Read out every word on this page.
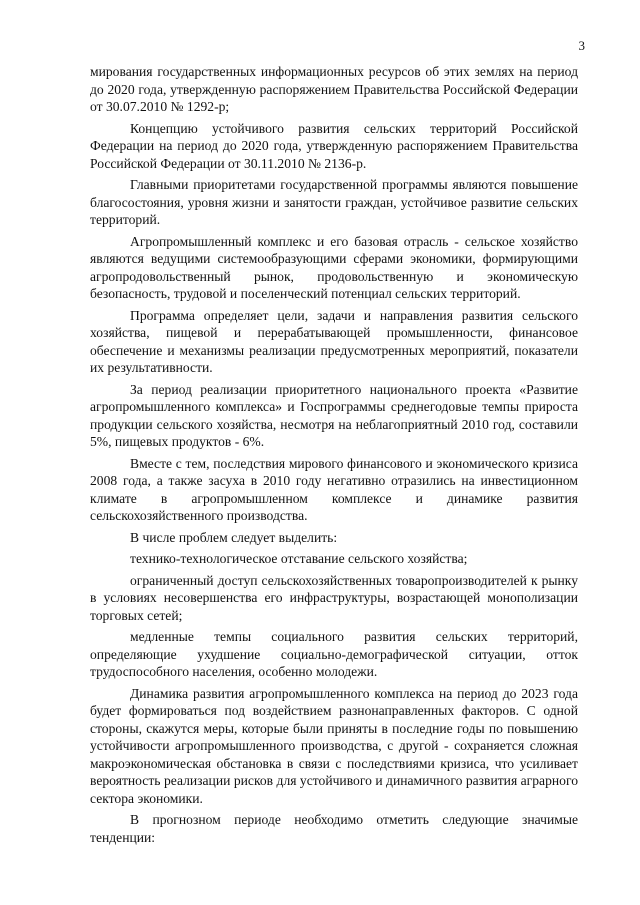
3

мирования государственных информационных ресурсов об этих землях на период до 2020 года, утвержденную распоряжением Правительства Российской Федерации от 30.07.2010 № 1292-р;

Концепцию устойчивого развития сельских территорий Российской Федерации на период до 2020 года, утвержденную распоряжением Правительства Российской Федерации от 30.11.2010 № 2136-р.

Главными приоритетами государственной программы являются повышение благосостояния, уровня жизни и занятости граждан, устойчивое развитие сельских территорий.

Агропромышленный комплекс и его базовая отрасль - сельское хозяйство являются ведущими системообразующими сферами экономики, формирующими агропродовольственный рынок, продовольственную и экономическую безопасность, трудовой и поселенческий потенциал сельских территорий.

Программа определяет цели, задачи и направления развития сельского хозяйства, пищевой и перерабатывающей промышленности, финансовое обеспечение и механизмы реализации предусмотренных мероприятий, показатели их результативности.

За период реализации приоритетного национального проекта «Развитие агропромышленного комплекса» и Госпрограммы среднегодовые темпы прироста продукции сельского хозяйства, несмотря на неблагоприятный 2010 год, составили 5%, пищевых продуктов - 6%.

Вместе с тем, последствия мирового финансового и экономического кризиса 2008 года, а также засуха в 2010 году негативно отразились на инвестиционном климате в агропромышленном комплексе и динамике развития сельскохозяйственного производства.

В числе проблем следует выделить:

технико-технологическое отставание сельского хозяйства;

ограниченный доступ сельскохозяйственных товаропроизводителей к рынку в условиях несовершенства его инфраструктуры, возрастающей монополизации торговых сетей;

медленные темпы социального развития сельских территорий, определяющие ухудшение социально-демографической ситуации, отток трудоспособного населения, особенно молодежи.

Динамика развития агропромышленного комплекса на период до 2023 года будет формироваться под воздействием разнонаправленных факторов. С одной стороны, скажутся меры, которые были приняты в последние годы по повышению устойчивости агропромышленного производства, с другой - сохраняется сложная макроэкономическая обстановка в связи с последствиями кризиса, что усиливает вероятность реализации рисков для устойчивого и динамичного развития аграрного сектора экономики.

В прогнозном периоде необходимо отметить следующие значимые тенденции:
